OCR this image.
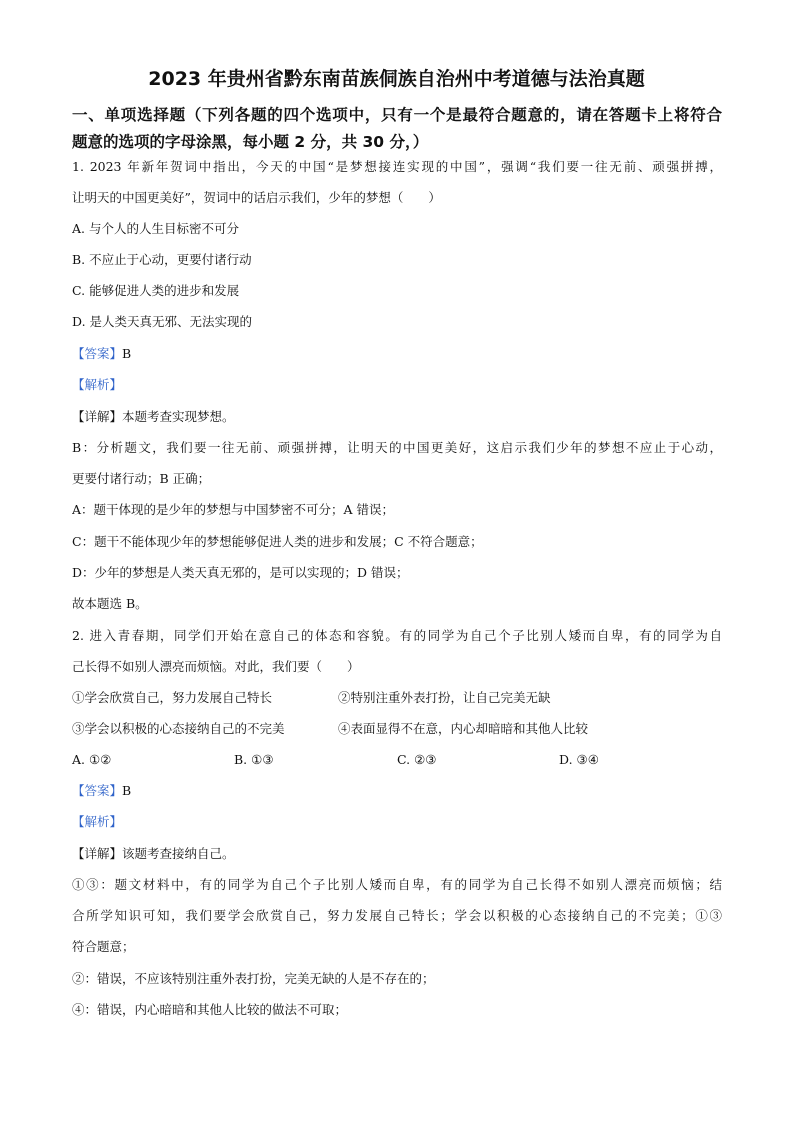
2023 年贵州省黔东南苗族侗族自治州中考道德与法治真题
一、单项选择题（下列各题的四个选项中，只有一个是最符合题意的，请在答题卡上将符合
题意的选项的字母涂黑，每小题 2 分，共 30 分，）
1. 2023 年新年贺词中指出，今天的中国“是梦想接连实现的中国”，强调“我们要一往无前、顽强拼搏，
让明天的中国更美好”，贺词中的话启示我们，少年的梦想（　　）
A. 与个人的人生目标密不可分
B. 不应止于心动，更要付诸行动
C. 能够促进人类的进步和发展
D. 是人类天真无邪、无法实现的
【答案】B
【解析】
【详解】本题考查实现梦想。
B：分析题文，我们要一往无前、顽强拼搏，让明天的中国更美好，这启示我们少年的梦想不应止于心动，
更要付诸行动；B 正确；
A：题干体现的是少年的梦想与中国梦密不可分；A 错误；
C：题干不能体现少年的梦想能够促进人类的进步和发展；C 不符合题意；
D：少年的梦想是人类天真无邪的，是可以实现的；D 错误；
故本题选 B。
2. 进入青春期，同学们开始在意自己的体态和容貌。有的同学为自己个子比别人矮而自卑，有的同学为自
己长得不如别人漂亮而烦恼。对此，我们要（　　）
①学会欣赏自己，努力发展自己特长	②特别注重外表打扮，让自己完美无缺
③学会以积极的心态接纳自己的不完美	④表面显得不在意，内心却暗暗和其他人比较
A. ①②	B. ①③	C. ②③	D. ③④
【答案】B
【解析】
【详解】该题考查接纳自己。
①③：题文材料中，有的同学为自己个子比别人矮而自卑，有的同学为自己长得不如别人漂亮而烦恼；结
合所学知识可知，我们要学会欣赏自己，努力发展自己特长；学会以积极的心态接纳自己的不完美；①③
符合题意；
②：错误，不应该特别注重外表打扮，完美无缺的人是不存在的；
④：错误，内心暗暗和其他人比较的做法不可取；
